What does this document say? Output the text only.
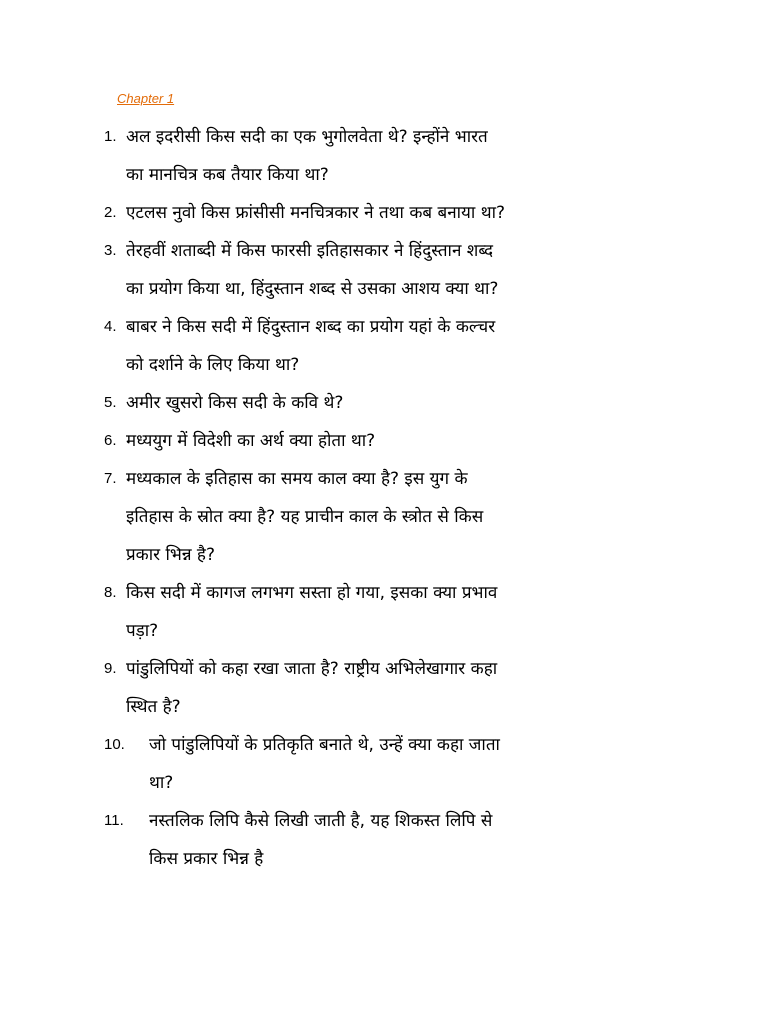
Chapter 1
1. अल इदरीसी किस सदी का एक भुगोलवेता थे? इन्होंने भारत
का मानचित्र कब तैयार किया था?
2. एटलस नुवो किस फ्रांसीसी मनचित्रकार ने तथा कब बनाया था?
3. तेरहवीं शताब्दी में किस फारसी इतिहासकार ने हिंदुस्तान शब्द
का प्रयोग किया था, हिंदुस्तान शब्द से उसका आशय क्या था?
4. बाबर ने किस सदी में हिंदुस्तान शब्द का प्रयोग यहां के कल्चर
को दर्शाने के लिए किया था?
5. अमीर खुसरो किस सदी के कवि थे?
6. मध्ययुग में विदेशी का अर्थ क्या होता था?
7. मध्यकाल के इतिहास का समय काल क्या है? इस युग के
इतिहास के स्रोत क्या है? यह प्राचीन काल के स्त्रोत से किस
प्रकार भिन्न है?
8. किस सदी में कागज लगभग सस्ता हो गया, इसका क्या प्रभाव
पड़ा?
9. पांडुलिपियों को कहा रखा जाता है? राष्ट्रीय अभिलेखागार कहा
स्थित है?
10.	जो पांडुलिपियों के प्रतिकृति बनाते थे, उन्हें क्या कहा जाता
था?
11.	नस्तलिक लिपि कैसे लिखी जाती है, यह शिकस्त लिपि से
किस प्रकार भिन्न है
